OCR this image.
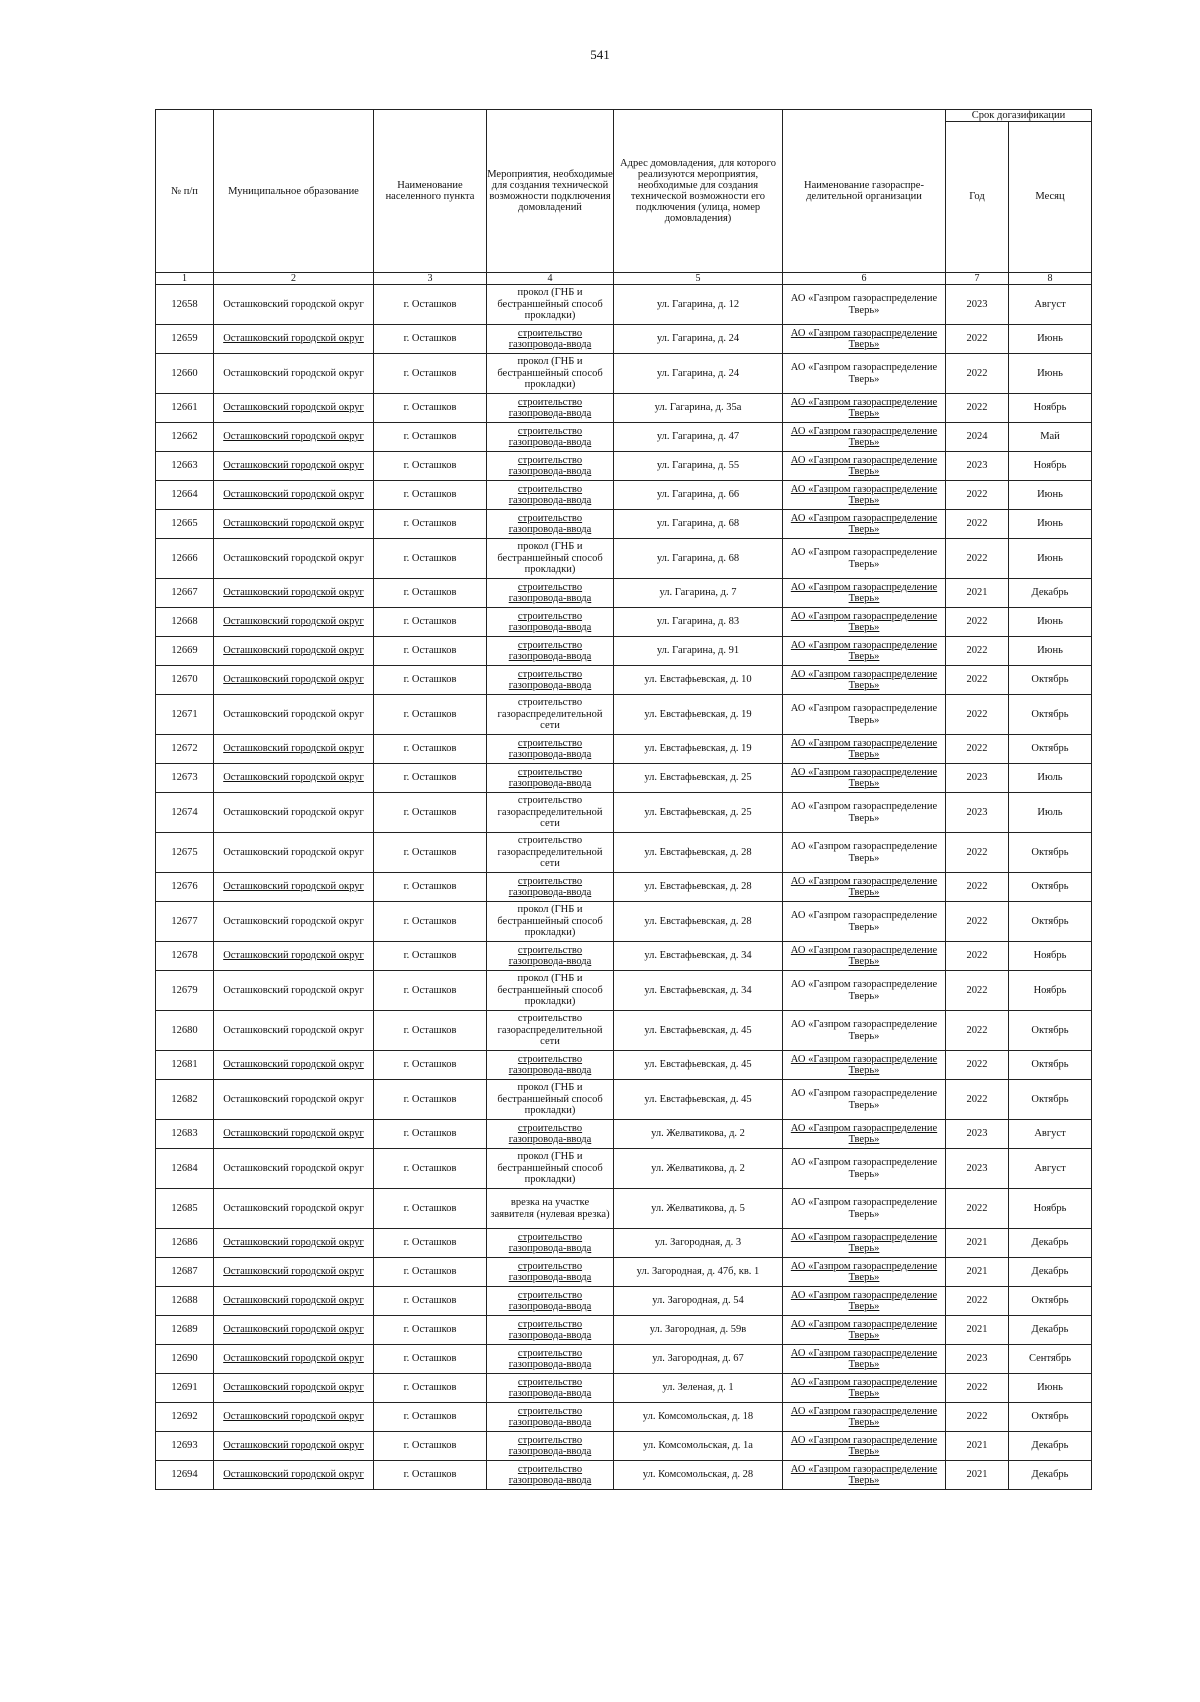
541
№ п/п	Муниципальное образование	Наименование населенного пункта	Мероприятия, необходимые для создания технической возможности подключения домовладений	Адрес домовладения, для которого реализуются мероприятия, необходимые для создания технической возможности его подключения (улица, номер домовладения)	Наименование газораспре-делительной организации	Срок догазификации	
						Год	Месяц
1	2	3	4	5	6	7	8
12658	Осташковский городской округ	г. Осташков	прокол (ГНБ и бестраншейный способ прокладки)	ул. Гагарина, д. 12	АО «Газпром газораспределение Тверь»	2023	Август
12659	Осташковский городской округ	г. Осташков	строительство газопровода-ввода	ул. Гагарина, д. 24	АО «Газпром газораспределение Тверь»	2022	Июнь
12660	Осташковский городской округ	г. Осташков	прокол (ГНБ и бестраншейный способ прокладки)	ул. Гагарина, д. 24	АО «Газпром газораспределение Тверь»	2022	Июнь
12661	Осташковский городской округ	г. Осташков	строительство газопровода-ввода	ул. Гагарина, д. 35а	АО «Газпром газораспределение Тверь»	2022	Ноябрь
12662	Осташковский городской округ	г. Осташков	строительство газопровода-ввода	ул. Гагарина, д. 47	АО «Газпром газораспределение Тверь»	2024	Май
12663	Осташковский городской округ	г. Осташков	строительство газопровода-ввода	ул. Гагарина, д. 55	АО «Газпром газораспределение Тверь»	2023	Ноябрь
12664	Осташковский городской округ	г. Осташков	строительство газопровода-ввода	ул. Гагарина, д. 66	АО «Газпром газораспределение Тверь»	2022	Июнь
12665	Осташковский городской округ	г. Осташков	строительство газопровода-ввода	ул. Гагарина, д. 68	АО «Газпром газораспределение Тверь»	2022	Июнь
12666	Осташковский городской округ	г. Осташков	прокол (ГНБ и бестраншейный способ прокладки)	ул. Гагарина, д. 68	АО «Газпром газораспределение Тверь»	2022	Июнь
12667	Осташковский городской округ	г. Осташков	строительство газопровода-ввода	ул. Гагарина, д. 7	АО «Газпром газораспределение Тверь»	2021	Декабрь
12668	Осташковский городской округ	г. Осташков	строительство газопровода-ввода	ул. Гагарина, д. 83	АО «Газпром газораспределение Тверь»	2022	Июнь
12669	Осташковский городской округ	г. Осташков	строительство газопровода-ввода	ул. Гагарина, д. 91	АО «Газпром газораспределение Тверь»	2022	Июнь
12670	Осташковский городской округ	г. Осташков	строительство газопровода-ввода	ул. Евстафьевская, д. 10	АО «Газпром газораспределение Тверь»	2022	Октябрь
12671	Осташковский городской округ	г. Осташков	строительство газораспределительной сети	ул. Евстафьевская, д. 19	АО «Газпром газораспределение Тверь»	2022	Октябрь
12672	Осташковский городской округ	г. Осташков	строительство газопровода-ввода	ул. Евстафьевская, д. 19	АО «Газпром газораспределение Тверь»	2022	Октябрь
12673	Осташковский городской округ	г. Осташков	строительство газопровода-ввода	ул. Евстафьевская, д. 25	АО «Газпром газораспределение Тверь»	2023	Июль
12674	Осташковский городской округ	г. Осташков	строительство газораспределительной сети	ул. Евстафьевская, д. 25	АО «Газпром газораспределение Тверь»	2023	Июль
12675	Осташковский городской округ	г. Осташков	строительство газораспределительной сети	ул. Евстафьевская, д. 28	АО «Газпром газораспределение Тверь»	2022	Октябрь
12676	Осташковский городской округ	г. Осташков	строительство газопровода-ввода	ул. Евстафьевская, д. 28	АО «Газпром газораспределение Тверь»	2022	Октябрь
12677	Осташковский городской округ	г. Осташков	прокол (ГНБ и бестраншейный способ прокладки)	ул. Евстафьевская, д. 28	АО «Газпром газораспределение Тверь»	2022	Октябрь
12678	Осташковский городской округ	г. Осташков	строительство газопровода-ввода	ул. Евстафьевская, д. 34	АО «Газпром газораспределение Тверь»	2022	Ноябрь
12679	Осташковский городской округ	г. Осташков	прокол (ГНБ и бестраншейный способ прокладки)	ул. Евстафьевская, д. 34	АО «Газпром газораспределение Тверь»	2022	Ноябрь
12680	Осташковский городской округ	г. Осташков	строительство газораспределительной сети	ул. Евстафьевская, д. 45	АО «Газпром газораспределение Тверь»	2022	Октябрь
12681	Осташковский городской округ	г. Осташков	строительство газопровода-ввода	ул. Евстафьевская, д. 45	АО «Газпром газораспределение Тверь»	2022	Октябрь
12682	Осташковский городской округ	г. Осташков	прокол (ГНБ и бестраншейный способ прокладки)	ул. Евстафьевская, д. 45	АО «Газпром газораспределение Тверь»	2022	Октябрь
12683	Осташковский городской округ	г. Осташков	строительство газопровода-ввода	ул. Желватикова, д. 2	АО «Газпром газораспределение Тверь»	2023	Август
12684	Осташковский городской округ	г. Осташков	прокол (ГНБ и бестраншейный способ прокладки)	ул. Желватикова, д. 2	АО «Газпром газораспределение Тверь»	2023	Август
12685	Осташковский городской округ	г. Осташков	врезка на участке заявителя (нулевая врезка)	ул. Желватикова, д. 5	АО «Газпром газораспределение Тверь»	2022	Ноябрь
12686	Осташковский городской округ	г. Осташков	строительство газопровода-ввода	ул. Загородная, д. 3	АО «Газпром газораспределение Тверь»	2021	Декабрь
12687	Осташковский городской округ	г. Осташков	строительство газопровода-ввода	ул. Загородная, д. 47б, кв. 1	АО «Газпром газораспределение Тверь»	2021	Декабрь
12688	Осташковский городской округ	г. Осташков	строительство газопровода-ввода	ул. Загородная, д. 54	АО «Газпром газораспределение Тверь»	2022	Октябрь
12689	Осташковский городской округ	г. Осташков	строительство газопровода-ввода	ул. Загородная, д. 59в	АО «Газпром газораспределение Тверь»	2021	Декабрь
12690	Осташковский городской округ	г. Осташков	строительство газопровода-ввода	ул. Загородная, д. 67	АО «Газпром газораспределение Тверь»	2023	Сентябрь
12691	Осташковский городской округ	г. Осташков	строительство газопровода-ввода	ул. Зеленая, д. 1	АО «Газпром газораспределение Тверь»	2022	Июнь
12692	Осташковский городской округ	г. Осташков	строительство газопровода-ввода	ул. Комсомольская, д. 18	АО «Газпром газораспределение Тверь»	2022	Октябрь
12693	Осташковский городской округ	г. Осташков	строительство газопровода-ввода	ул. Комсомольская, д. 1а	АО «Газпром газораспределение Тверь»	2021	Декабрь
12694	Осташковский городской округ	г. Осташков	строительство газопровода-ввода	ул. Комсомольская, д. 28	АО «Газпром газораспределение Тверь»	2021	Декабрь
